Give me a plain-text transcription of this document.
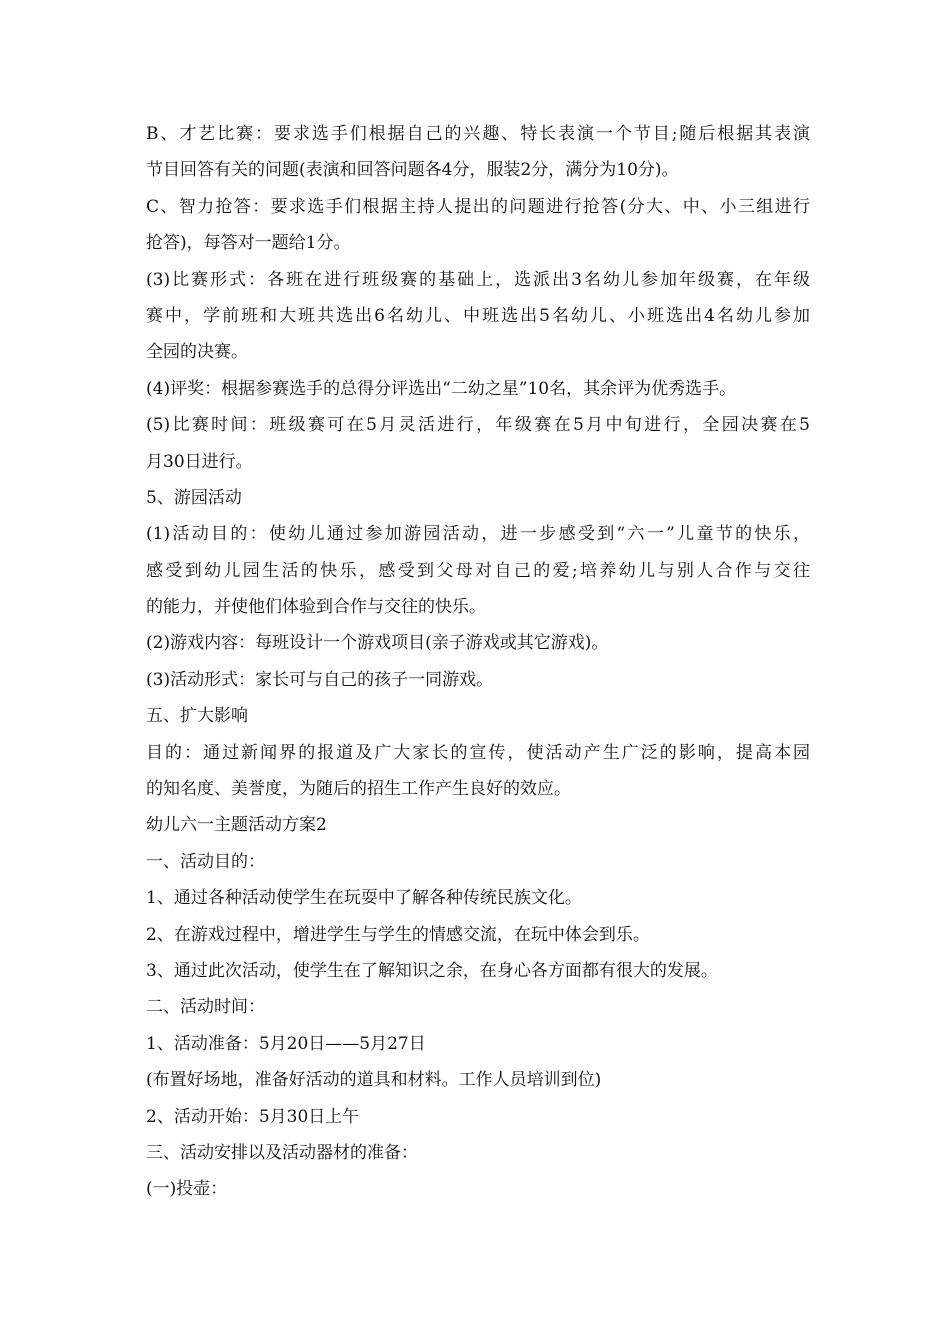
B、才艺比赛：要求选手们根据自己的兴趣、特长表演一个节目;随后根据其表演

节目回答有关的问题(表演和回答问题各4分，服装2分，满分为10分)。

C、智力抢答：要求选手们根据主持人提出的问题进行抢答(分大、中、小三组进行

抢答)，每答对一题给1分。

(3)比赛形式：各班在进行班级赛的基础上，选派出3名幼儿参加年级赛，在年级

赛中，学前班和大班共选出6名幼儿、中班选出5名幼儿、小班选出4名幼儿参加

全园的决赛。

(4)评奖：根据参赛选手的总得分评选出“二幼之星”10名，其余评为优秀选手。

(5)比赛时间：班级赛可在5月灵活进行，年级赛在5月中旬进行，全园决赛在5

月30日进行。

5、游园活动

(1)活动目的：使幼儿通过参加游园活动，进一步感受到“六一”儿童节的快乐，

感受到幼儿园生活的快乐，感受到父母对自己的爱;培养幼儿与别人合作与交往

的能力，并使他们体验到合作与交往的快乐。

(2)游戏内容：每班设计一个游戏项目(亲子游戏或其它游戏)。

(3)活动形式：家长可与自己的孩子一同游戏。

五、扩大影响

目的：通过新闻界的报道及广大家长的宣传，使活动产生广泛的影响，提高本园

的知名度、美誉度，为随后的招生工作产生良好的效应。

幼儿六一主题活动方案2

一、活动目的：

1、通过各种活动使学生在玩耍中了解各种传统民族文化。

2、在游戏过程中，增进学生与学生的情感交流，在玩中体会到乐。

3、通过此次活动，使学生在了解知识之余，在身心各方面都有很大的发展。

二、活动时间：

1、活动准备：5月20日——5月27日

(布置好场地，准备好活动的道具和材料。工作人员培训到位)

2、活动开始：5月30日上午

三、活动安排以及活动器材的准备：

(一)投壶：
